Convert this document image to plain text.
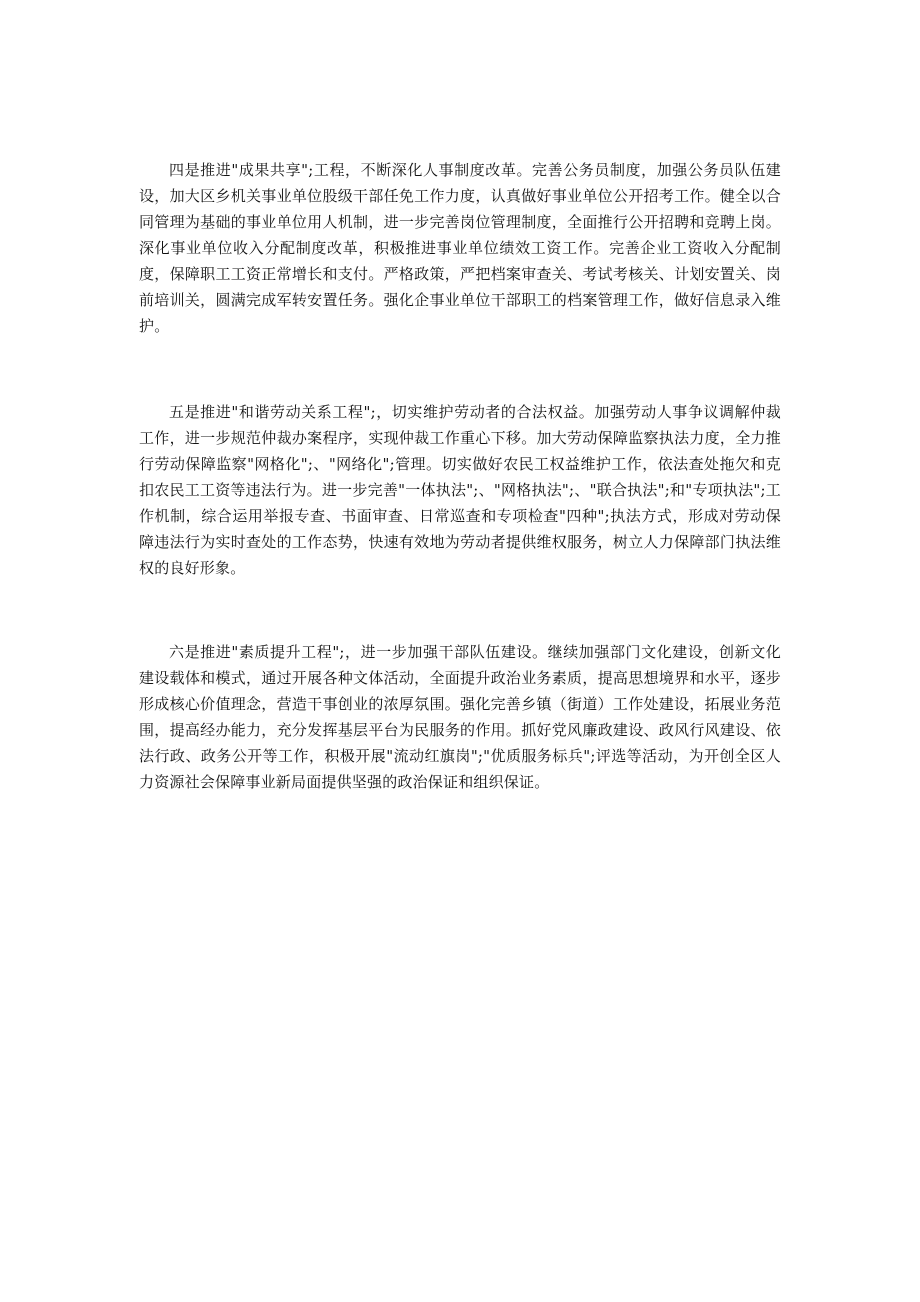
四是推进"成果共享";工程，不断深化人事制度改革。完善公务员制度，加强公务员队伍建设，加大区乡机关事业单位股级干部任免工作力度，认真做好事业单位公开招考工作。健全以合同管理为基础的事业单位用人机制，进一步完善岗位管理制度，全面推行公开招聘和竞聘上岗。深化事业单位收入分配制度改革，积极推进事业单位绩效工资工作。完善企业工资收入分配制度，保障职工工资正常增长和支付。严格政策，严把档案审查关、考试考核关、计划安置关、岗前培训关，圆满完成军转安置任务。强化企事业单位干部职工的档案管理工作，做好信息录入维护。

五是推进"和谐劳动关系工程";，切实维护劳动者的合法权益。加强劳动人事争议调解仲裁工作，进一步规范仲裁办案程序，实现仲裁工作重心下移。加大劳动保障监察执法力度，全力推行劳动保障监察"网格化";、"网络化";管理。切实做好农民工权益维护工作，依法查处拖欠和克扣农民工工资等违法行为。进一步完善"一体执法";、"网格执法";、"联合执法";和"专项执法";工作机制，综合运用举报专查、书面审查、日常巡查和专项检查"四种";执法方式，形成对劳动保障违法行为实时查处的工作态势，快速有效地为劳动者提供维权服务，树立人力保障部门执法维权的良好形象。

六是推进"素质提升工程";，进一步加强干部队伍建设。继续加强部门文化建设，创新文化建设载体和模式，通过开展各种文体活动，全面提升政治业务素质，提高思想境界和水平，逐步形成核心价值理念，营造干事创业的浓厚氛围。强化完善乡镇（街道）工作处建设，拓展业务范围，提高经办能力，充分发挥基层平台为民服务的作用。抓好党风廉政建设、政风行风建设、依法行政、政务公开等工作，积极开展"流动红旗岗";"优质服务标兵";评选等活动，为开创全区人力资源社会保障事业新局面提供坚强的政治保证和组织保证。
